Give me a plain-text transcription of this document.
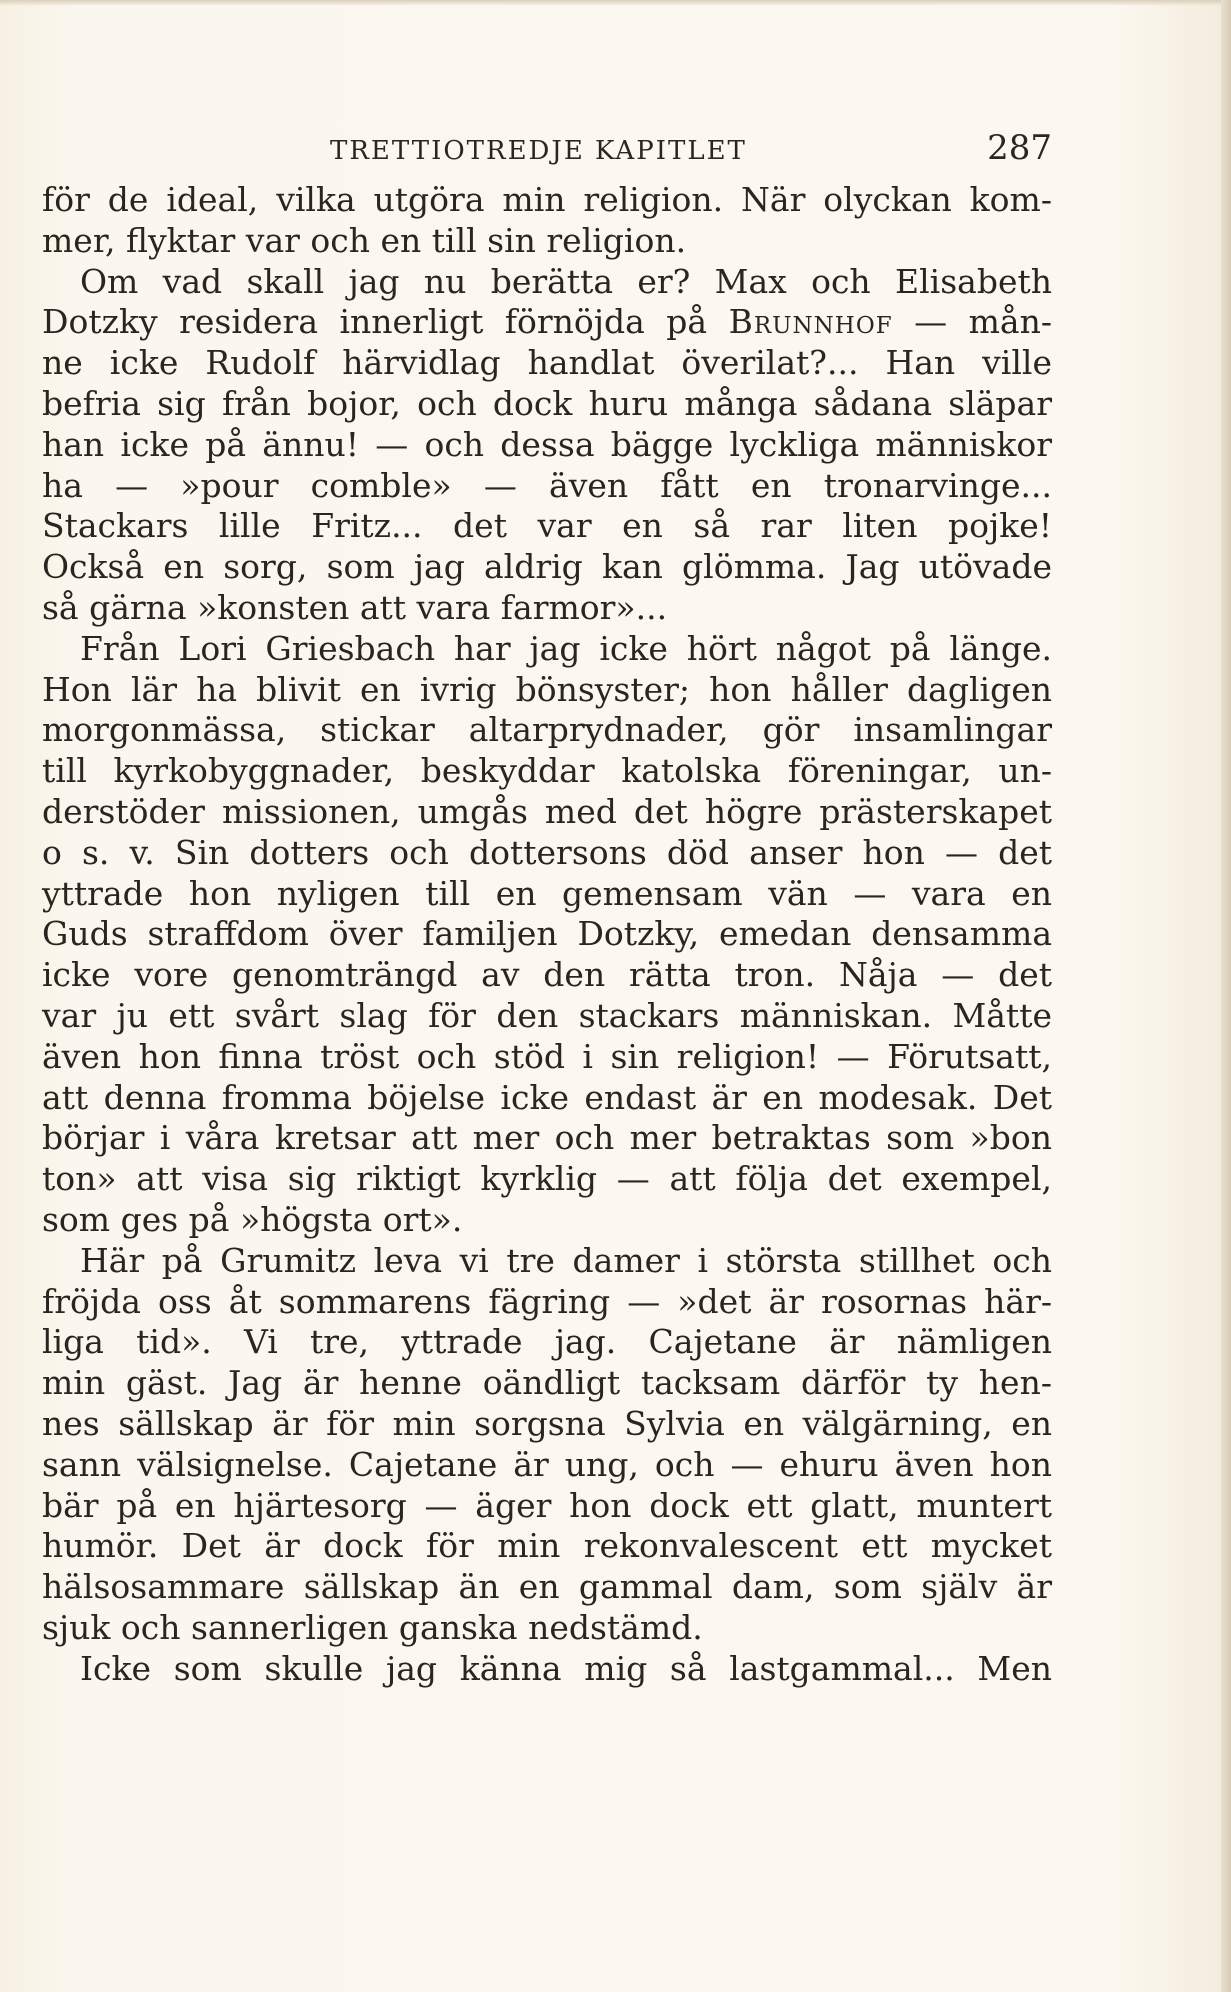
TRETTIOTREDJE KAPITLET	287
för de ideal, vilka utgöra min religion. När olyckan kom-
mer, flyktar var och en till sin religion.
Om vad skall jag nu berätta er? Max och Elisabeth
Dotzky residera innerligt förnöjda på Brunnhof — mån-
ne icke Rudolf härvidlag handlat överilat?... Han ville
befria sig från bojor, och dock huru många sådana släpar
han icke på ännu! — och dessa bägge lyckliga människor
ha — »pour comble» — även fått en tronarvinge...
Stackars lille Fritz... det var en så rar liten pojke!
Också en sorg, som jag aldrig kan glömma. Jag utövade
så gärna »konsten att vara farmor»...
Från Lori Griesbach har jag icke hört något på länge.
Hon lär ha blivit en ivrig bönsyster; hon håller dagligen
morgonmässa, stickar altarprydnader, gör insamlingar
till kyrkobyggnader, beskyddar katolska föreningar, un-
derstöder missionen, umgås med det högre prästerskapet
o s. v. Sin dotters och dottersons död anser hon — det
yttrade hon nyligen till en gemensam vän — vara en
Guds straffdom över familjen Dotzky, emedan densamma
icke vore genomträngd av den rätta tron. Nåja — det
var ju ett svårt slag för den stackars människan. Måtte
även hon finna tröst och stöd i sin religion! — Förutsatt,
att denna fromma böjelse icke endast är en modesak. Det
börjar i våra kretsar att mer och mer betraktas som »bon
ton» att visa sig riktigt kyrklig — att följa det exempel,
som ges på »högsta ort».
Här på Grumitz leva vi tre damer i största stillhet och
fröjda oss åt sommarens fägring — »det är rosornas här-
liga tid». Vi tre, yttrade jag. Cajetane är nämligen
min gäst. Jag är henne oändligt tacksam därför ty hen-
nes sällskap är för min sorgsna Sylvia en välgärning, en
sann välsignelse. Cajetane är ung, och — ehuru även hon
bär på en hjärtesorg — äger hon dock ett glatt, muntert
humör. Det är dock för min rekonvalescent ett mycket
hälsosammare sällskap än en gammal dam, som själv är
sjuk och sannerligen ganska nedstämd.
Icke som skulle jag känna mig så lastgammal... Men
